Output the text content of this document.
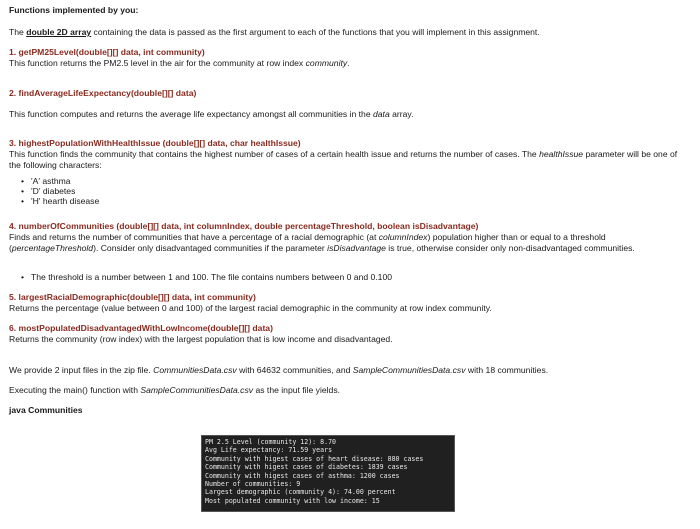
Functions implemented by you:
The double 2D array containing the data is passed as the first argument to each of the functions that you will implement in this assignment.
1. getPM25Level(double[][] data, int community)
This function returns the PM2.5 level in the air for the community at row index community.
2. findAverageLifeExpectancy(double[][] data)
This function computes and returns the average life expectancy amongst all communities in the data array.
3. highestPopulationWithHealthIssue (double[][] data, char healthIssue)
This function finds the community that contains the highest number of cases of a certain health issue and returns the number of cases. The healthIssue parameter will be one of the following characters:
• 'A' asthma
• 'D' diabetes
• 'H' hearth disease
4. numberOfCommunities (double[][] data, int columnIndex, double percentageThreshold, boolean isDisadvantage)
Finds and returns the number of communities that have a percentage of a racial demographic (at columnIndex) population higher than or equal to a threshold (percentageThreshold). Consider only disadvantaged communities if the parameter isDisadvantage is true, otherwise consider only non-disadvantaged communities.
• The threshold is a number between 1 and 100. The file contains numbers between 0 and 0.100
5. largestRacialDemographic(double[][] data, int community)
Returns the percentage (value between 0 and 100) of the largest racial demographic in the community at row index community.
6. mostPopulatedDisadvantagedWithLowIncome(double[][] data)
Returns the community (row index) with the largest population that is low income and disadvantaged.
We provide 2 input files in the zip file. CommunitiesData.csv with 64632 communities, and SampleCommunitiesData.csv with 18 communities.
Executing the main() function with SampleCommunitiesData.csv as the input file yields.
java Communities
PM 2.5 Level (community 12): 8.70
Avg Life expectancy: 71.59 years
Community with higest cases of heart disease: 880 cases
Community with higest cases of diabetes: 1839 cases
Community with higest cases of asthma: 1200 cases
Number of communities: 9
Largest demographic (community 4): 74.00 percent
Most populated community with low income: 15
